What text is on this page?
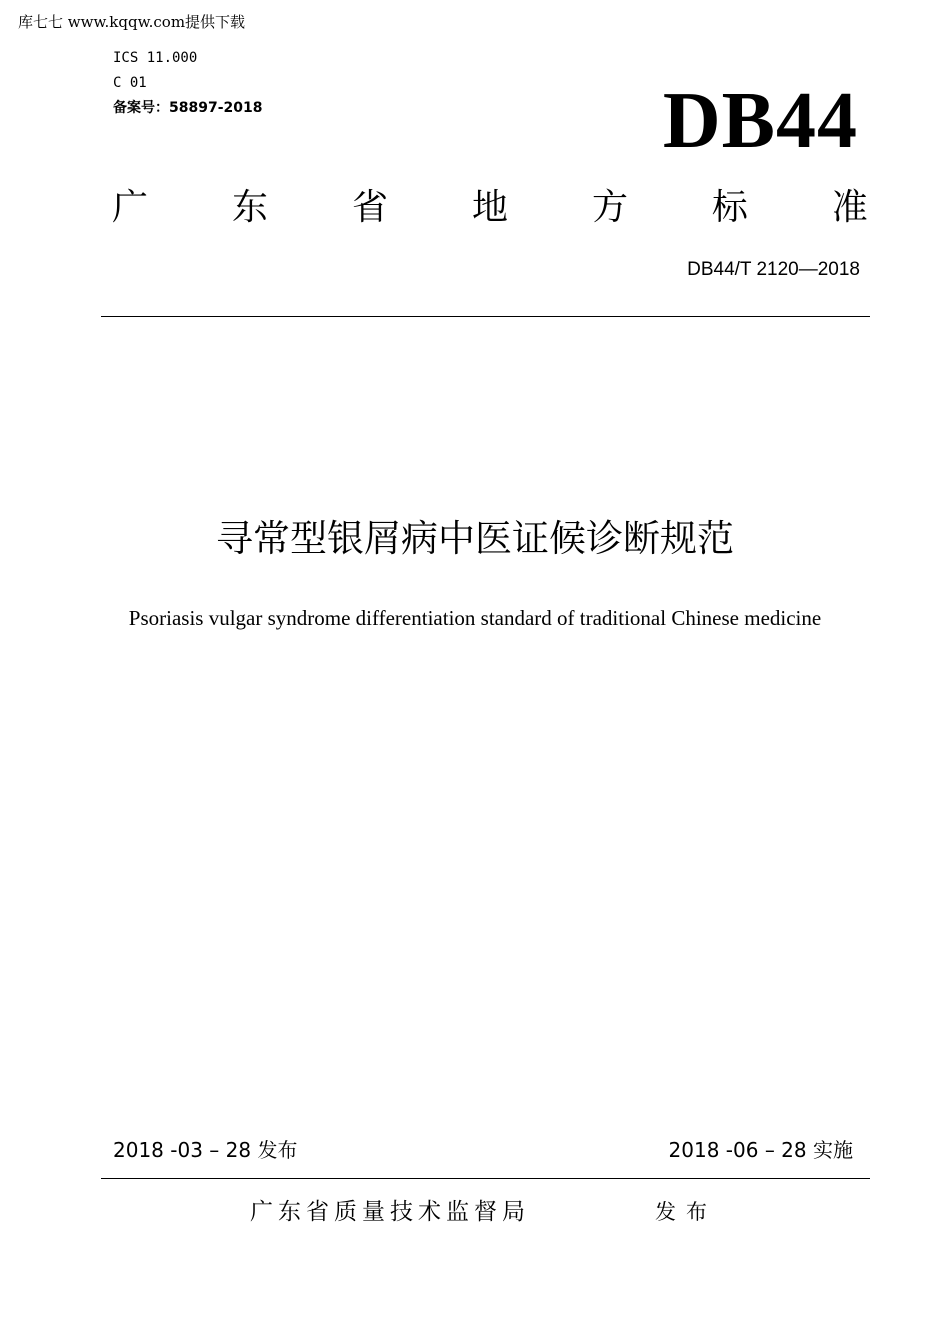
库七七 www.kqqw.com提供下载
ICS 11.000
C 01
备案号：58897-2018	DB44
广 东 省 地 方 标 准
DB44/T 2120—2018
寻常型银屑病中医证候诊断规范
Psoriasis vulgar syndrome differentiation standard of traditional Chinese medicine
2018 -03 – 28 发布	2018 -06 – 28 实施
广东省质量技术监督局	发布
